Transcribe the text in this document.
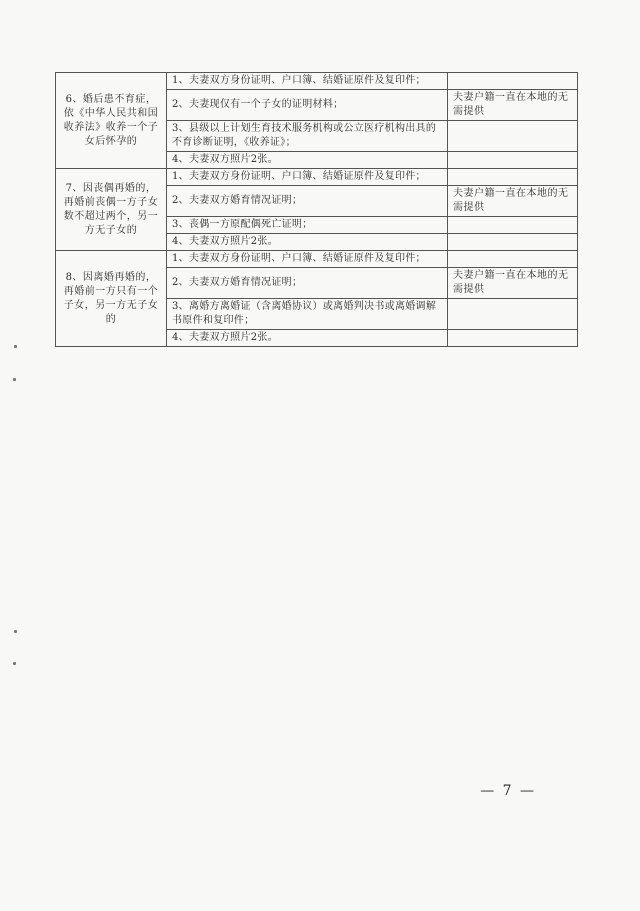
6、婚后患不育症，依《中华人民共和国收养法》收养一个子女后怀孕的	1、夫妻双方身份证明、户口簿、结婚证原件及复印件；	
	2、夫妻现仅有一个子女的证明材料；	夫妻户籍一直在本地的无需提供
	3、县级以上计划生育技术服务机构或公立医疗机构出具的不育诊断证明，《收养证》；	
	4、夫妻双方照片2张。	
7、因丧偶再婚的，再婚前丧偶一方子女数不超过两个，另一方无子女的	1、夫妻双方身份证明、户口簿、结婚证原件及复印件；	
	2、夫妻双方婚育情况证明；	夫妻户籍一直在本地的无需提供
	3、丧偶一方原配偶死亡证明；	
	4、夫妻双方照片2张。	
8、因离婚再婚的，再婚前一方只有一个子女，另一方无子女的	1、夫妻双方身份证明、户口簿、结婚证原件及复印件；	
	2、夫妻双方婚育情况证明；	夫妻户籍一直在本地的无需提供
	3、离婚方离婚证（含离婚协议）或离婚判决书或离婚调解书原件和复印件；	
	4、夫妻双方照片2张。	
— 7 —
